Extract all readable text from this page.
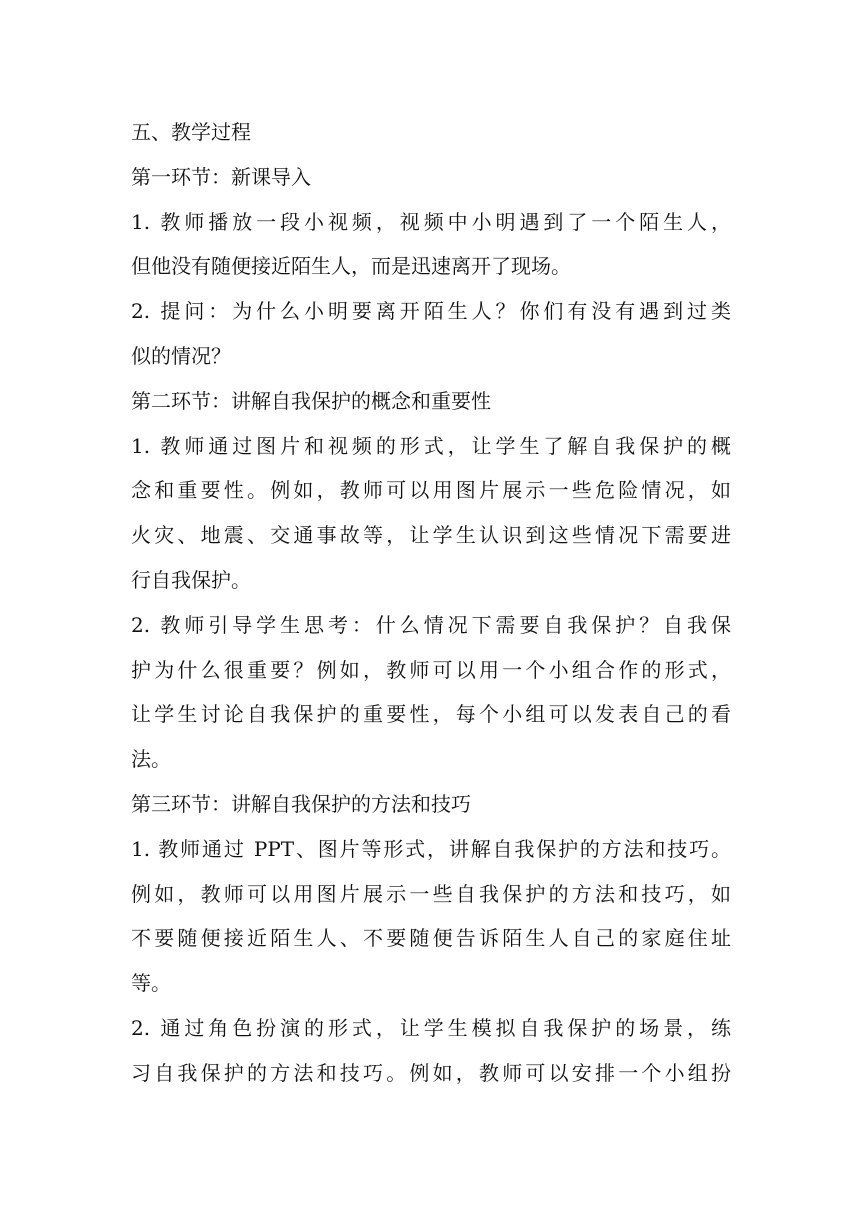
五、教学过程
第一环节：新课导入
1. 教师播放一段小视频，视频中小明遇到了一个陌生人，
但他没有随便接近陌生人，而是迅速离开了现场。
2. 提问：为什么小明要离开陌生人？你们有没有遇到过类
似的情况？
第二环节：讲解自我保护的概念和重要性
1. 教师通过图片和视频的形式，让学生了解自我保护的概
念和重要性。例如，教师可以用图片展示一些危险情况，如
火灾、地震、交通事故等，让学生认识到这些情况下需要进
行自我保护。
2. 教师引导学生思考：什么情况下需要自我保护？自我保
护为什么很重要？例如，教师可以用一个小组合作的形式，
让学生讨论自我保护的重要性，每个小组可以发表自己的看
法。
第三环节：讲解自我保护的方法和技巧
1. 教师通过 PPT、图片等形式，讲解自我保护的方法和技巧。
例如，教师可以用图片展示一些自我保护的方法和技巧，如
不要随便接近陌生人、不要随便告诉陌生人自己的家庭住址
等。
2. 通过角色扮演的形式，让学生模拟自我保护的场景，练
习自我保护的方法和技巧。例如，教师可以安排一个小组扮
